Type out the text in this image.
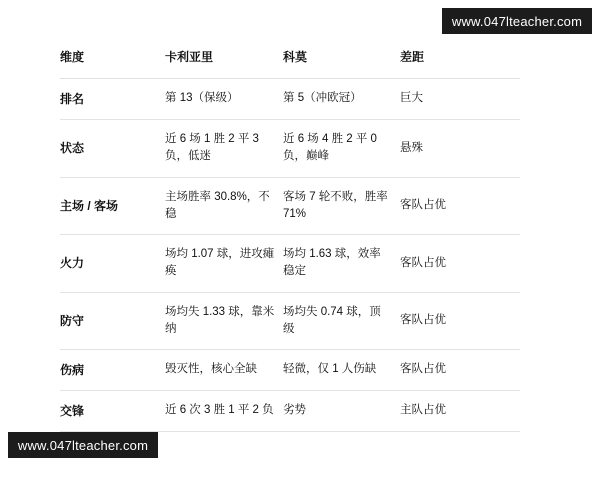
www.047lteacher.com
维度	卡利亚里	科莫	差距
排名	第 13（保级）	第 5（冲欧冠）	巨大
状态	近 6 场 1 胜 2 平 3 负，低迷	近 6 场 4 胜 2 平 0 负，巅峰	悬殊
主场 / 客场	主场胜率 30.8%，不稳	客场 7 轮不败，胜率 71%	客队占优
火力	场均 1.07 球，进攻瘫痪	场均 1.63 球，效率稳定	客队占优
防守	场均失 1.33 球，靠米纳	场均失 0.74 球，顶级	客队占优
伤病	毁灭性，核心全缺	轻微，仅 1 人伤缺	客队占优
交锋	近 6 次 3 胜 1 平 2 负	劣势	主队占优
www.047lteacher.com
